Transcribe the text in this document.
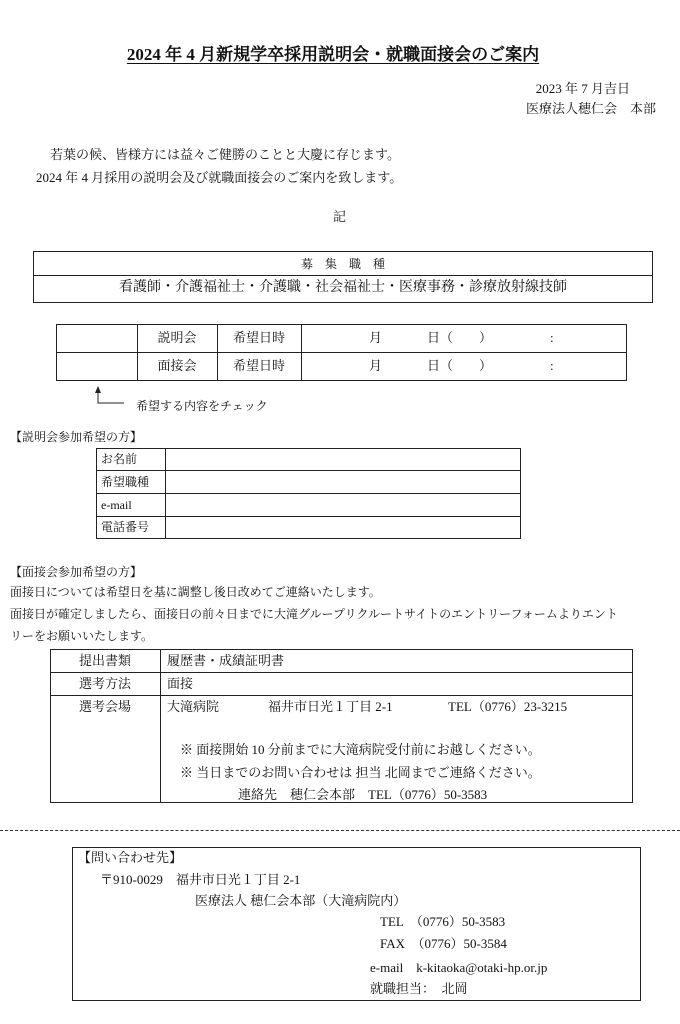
2024 年 4 月新規学卒採用説明会・就職面接会のご案内
2023 年 7 月吉日
医療法人穂仁会　本部
若葉の候、皆様方には益々ご健勝のことと大慶に存じます。
2024 年 4 月採用の説明会及び就職面接会のご案内を致します。
記
募　集　職　種
看護師・介護福祉士・介護職・社会福祉士・医療事務・診療放射線技師
説明会	希望日時	月	日（　　）	:
面接会	希望日時	月	日（　　）	:
希望する内容をチェック
【説明会参加希望の方】
お名前
希望職種
e-mail
電話番号
【面接会参加希望の方】
面接日については希望日を基に調整し後日改めてご連絡いたします。
面接日が確定しましたら、面接日の前々日までに大滝グループリクルートサイトのエントリーフォームよりエント
リーをお願いいたします。
提出書類	履歴書・成績証明書
選考方法	面接
選考会場	大滝病院	福井市日光１丁目 2-1	TEL（0776）23-3215
※ 面接開始 10 分前までに大滝病院受付前にお越しください。
※ 当日までのお問い合わせは 担当 北岡までご連絡ください。
連絡先　穂仁会本部　TEL（0776）50-3583
【問い合わせ先】
〒910-0029　福井市日光１丁目 2-1
医療法人 穂仁会本部（大滝病院内）
TEL　（0776）50-3583
FAX　（0776）50-3584
e-mail　k-kitaoka@otaki-hp.or.jp
就職担当：　北岡
